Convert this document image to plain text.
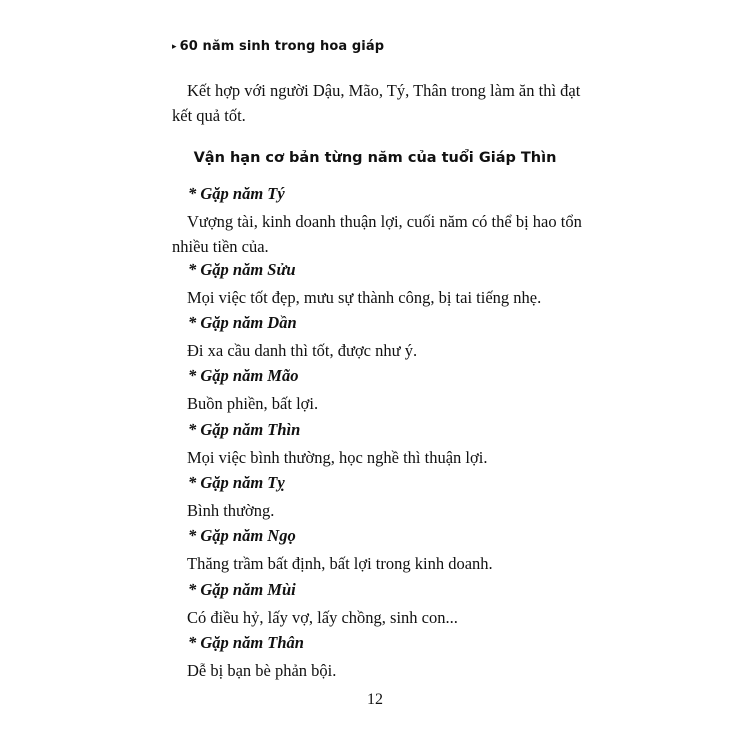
▸ 60 năm sinh trong hoa giáp
Kết hợp với người Dậu, Mão, Tý, Thân trong làm ăn thì đạt kết quả tốt.
Vận hạn cơ bản từng năm của tuổi Giáp Thìn
* Gặp năm Tý
Vượng tài, kinh doanh thuận lợi, cuối năm có thể bị hao tổn nhiều tiền của.
* Gặp năm Sửu
Mọi việc tốt đẹp, mưu sự thành công, bị tai tiếng nhẹ.
* Gặp năm Dần
Đi xa cầu danh thì tốt, được như ý.
* Gặp năm Mão
Buồn phiền, bất lợi.
* Gặp năm Thìn
Mọi việc bình thường, học nghề thì thuận lợi.
* Gặp năm Tỵ
Bình thường.
* Gặp năm Ngọ
Thăng trầm bất định, bất lợi trong kinh doanh.
* Gặp năm Mùi
Có điều hỷ, lấy vợ, lấy chồng, sinh con...
* Gặp năm Thân
Dễ bị bạn bè phản bội.
12
